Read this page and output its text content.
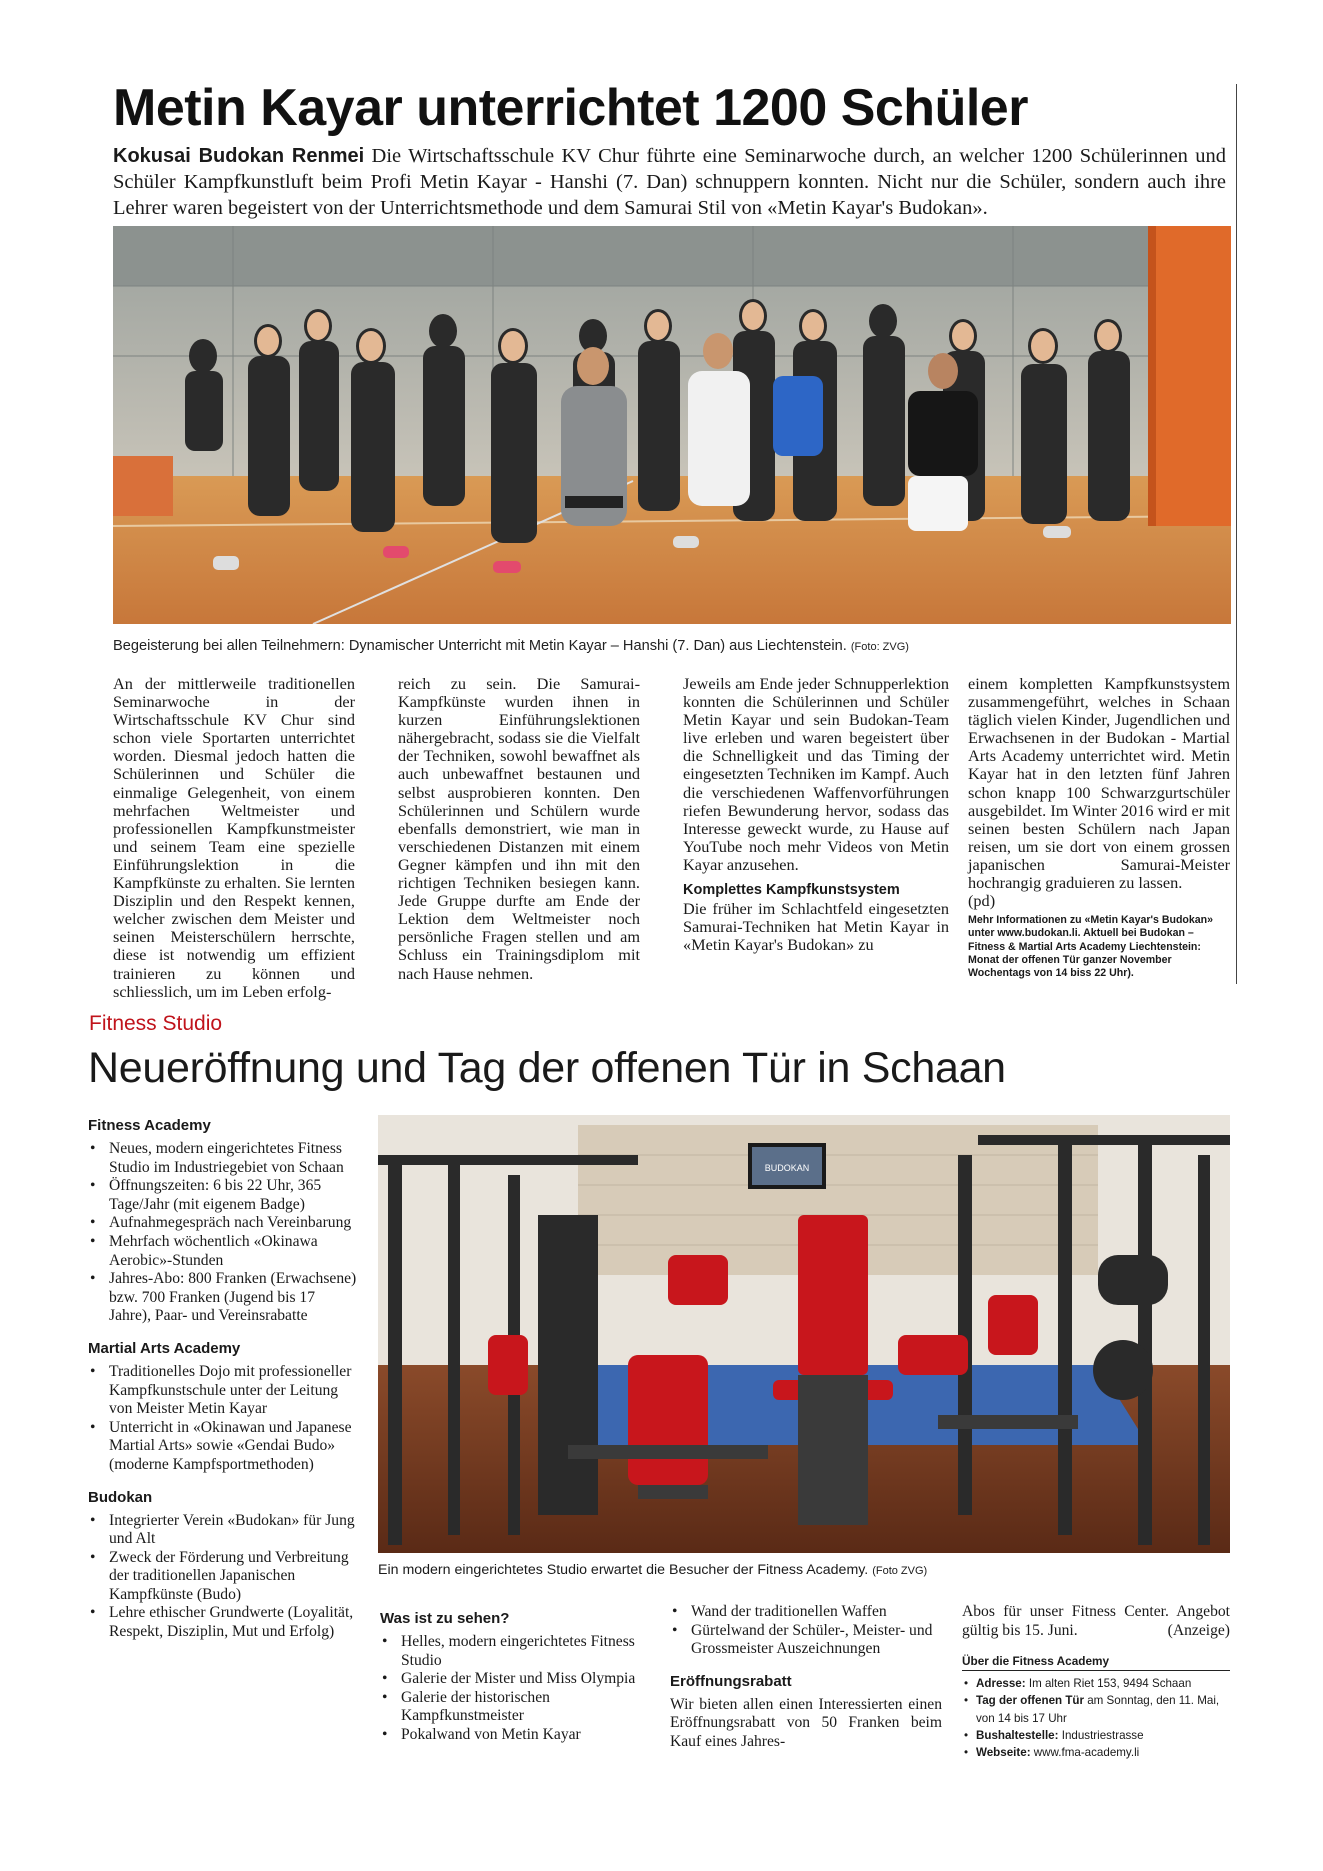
Metin Kayar unterrichtet 1200 Schüler
Kokusai Budokan Renmei Die Wirtschaftsschule KV Chur führte eine Seminarwoche durch, an welcher 1200 Schülerinnen und Schüler Kampfkunstluft beim Profi Metin Kayar - Hanshi (7. Dan) schnuppern konnten. Nicht nur die Schüler, sondern auch ihre Lehrer waren begeistert von der Unterrichtsmethode und dem Samurai Stil von «Metin Kayar's Budokan».
Begeisterung bei allen Teilnehmern: Dynamischer Unterricht mit Metin Kayar – Hanshi (7. Dan) aus Liechtenstein. (Foto: ZVG)

An der mittlerweile traditionellen Seminarwoche in der Wirtschaftsschule KV Chur sind schon viele Sportarten unterrichtet worden. Diesmal jedoch hatten die Schülerinnen und Schüler die einmalige Gelegenheit, von einem mehrfachen Weltmeister und professionellen Kampfkunstmeister und seinem Team eine spezielle Einführungslektion in die Kampfkünste zu erhalten. Sie lernten Disziplin und den Respekt kennen, welcher zwischen dem Meister und seinen Meisterschülern herrschte, diese ist notwendig um effizient trainieren zu können und schliesslich, um im Leben erfolg-

reich zu sein. Die Samurai-Kampfkünste wurden ihnen in kurzen Einführungslektionen nähergebracht, sodass sie die Vielfalt der Techniken, sowohl bewaffnet als auch unbewaffnet bestaunen und selbst ausprobieren konnten. Den Schülerinnen und Schülern wurde ebenfalls demonstriert, wie man in verschiedenen Distanzen mit einem Gegner kämpfen und ihn mit den richtigen Techniken besiegen kann. Jede Gruppe durfte am Ende der Lektion dem Weltmeister noch persönliche Fragen stellen und am Schluss ein Trainingsdiplom mit nach Hause nehmen.

Jeweils am Ende jeder Schnupperlektion konnten die Schülerinnen und Schüler Metin Kayar und sein Budokan-Team live erleben und waren begeistert über die Schnelligkeit und das Timing der eingesetzten Techniken im Kampf. Auch die verschiedenen Waffenvorführungen riefen Bewunderung hervor, sodass das Interesse geweckt wurde, zu Hause auf YouTube noch mehr Videos von Metin Kayar anzusehen.

Komplettes Kampfkunstsystem

Die früher im Schlachtfeld eingesetzten Samurai-Techniken hat Metin Kayar in «Metin Kayar's Budokan» zu

einem kompletten Kampfkunstsystem zusammengeführt, welches in Schaan täglich vielen Kinder, Jugendlichen und Erwachsenen in der Budokan - Martial Arts Academy unterrichtet wird. Metin Kayar hat in den letzten fünf Jahren schon knapp 100 Schwarzgurtschüler ausgebildet. Im Winter 2016 wird er mit seinen besten Schülern nach Japan reisen, um sie dort von einem grossen japanischen Samurai-Meister hochrangig graduieren zu lassen.

(pd)

Mehr Informationen zu «Metin Kayar's Budokan» unter www.budokan.li. Aktuell bei Budokan – Fitness & Martial Arts Academy Liechtenstein: Monat der offenen Tür ganzer November Wochentags von 14 biss 22 Uhr).
Fitness Studio
Neueröffnung und Tag der offenen Tür in Schaan
Fitness Academy
• Neues, modern eingerichtetes Fitness Studio im Industriegebiet von Schaan
• Öffnungszeiten: 6 bis 22 Uhr, 365 Tage/Jahr (mit eigenem Badge)
• Aufnahmegespräch nach Vereinbarung
• Mehrfach wöchentlich «Okinawa Aerobic»-Stunden
• Jahres-Abo: 800 Franken (Erwachsene) bzw. 700 Franken (Jugend bis 17 Jahre), Paar- und Vereinsrabatte
Martial Arts Academy
• Traditionelles Dojo mit professioneller Kampfkunstschule unter der Leitung von Meister Metin Kayar
• Unterricht in «Okinawan und Japanese Martial Arts» sowie «Gendai Budo» (moderne Kampfsportmethoden)
Budokan
• Integrierter Verein «Budokan» für Jung und Alt
• Zweck der Förderung und Verbreitung der traditionellen Japanischen Kampfkünste (Budo)
• Lehre ethischer Grundwerte (Loyalität, Respekt, Disziplin, Mut und Erfolg)
BUDOKAN
Ein modern eingerichtetes Studio erwartet die Besucher der Fitness Academy. (Foto ZVG)
Was ist zu sehen?
• Helles, modern eingerichtetes Fitness Studio
• Galerie der Mister und Miss Olympia
• Galerie der historischen Kampfkunstmeister
• Pokalwand von Metin Kayar
• Wand der traditionellen Waffen
• Gürtelwand der Schüler-, Meister- und Grossmeister Auszeichnungen
Eröffnungsrabatt

Wir bieten allen einen Interessierten einen Eröffnungsrabatt von 50 Franken beim Kauf eines Jahres-

Abos für unser Fitness Center. Angebot gültig bis 15. Juni.	(Anzeige)

Über die Fitness Academy
• Adresse: Im alten Riet 153, 9494 Schaan
• Tag der offenen Tür am Sonntag, den 11. Mai, von 14 bis 17 Uhr
• Bushaltestelle: Industriestrasse
• Webseite: www.fma-academy.li
